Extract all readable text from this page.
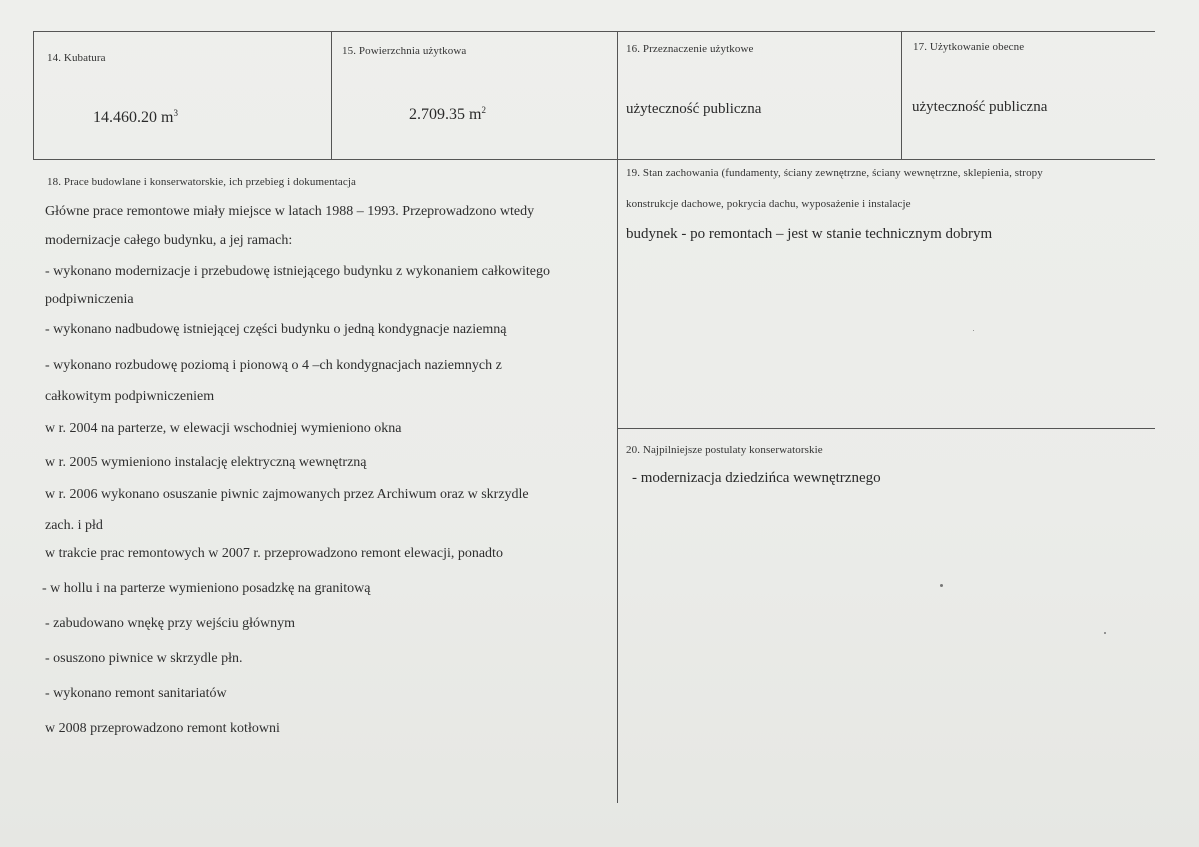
14. Kubatura
14.460.20 $m^3$
15. Powierzchnia użytkowa
2.709.35 $m^2$
16. Przeznaczenie użytkowe
użyteczność publiczna
17. Użytkowanie obecne
użyteczność publiczna
18. Prace budowlane i konserwatorskie, ich przebieg i dokumentacja
Główne prace remontowe miały miejsce w latach 1988 – 1993. Przeprowadzono wtedy
modernizacje całego budynku, a jej ramach:
- wykonano modernizacje i przebudowę istniejącego budynku z wykonaniem całkowitego
podpiwniczenia
- wykonano nadbudowę istniejącej części budynku o jedną kondygnacje naziemną
- wykonano rozbudowę poziomą i pionową o 4 –ch kondygnacjach naziemnych z
całkowitym podpiwniczeniem
w r. 2004 na parterze, w elewacji wschodniej wymieniono okna
w r. 2005 wymieniono instalację elektryczną wewnętrzną
w r. 2006 wykonano osuszanie piwnic zajmowanych przez Archiwum oraz w skrzydle
zach. i płd
w trakcie prac remontowych w 2007 r. przeprowadzono remont elewacji, ponadto
- w hollu i na parterze wymieniono posadzkę na granitową
- zabudowano wnękę przy wejściu głównym
- osuszono piwnice w skrzydle płn.
- wykonano remont sanitariatów
w 2008 przeprowadzono remont kotłowni
19. Stan zachowania (fundamenty, ściany zewnętrzne, ściany wewnętrzne, sklepienia, stropy
konstrukcje dachowe, pokrycia dachu, wyposażenie i instalacje
budynek - po remontach – jest w stanie technicznym dobrym
20. Najpilniejsze postulaty konserwatorskie
- modernizacja dziedzińca wewnętrznego
